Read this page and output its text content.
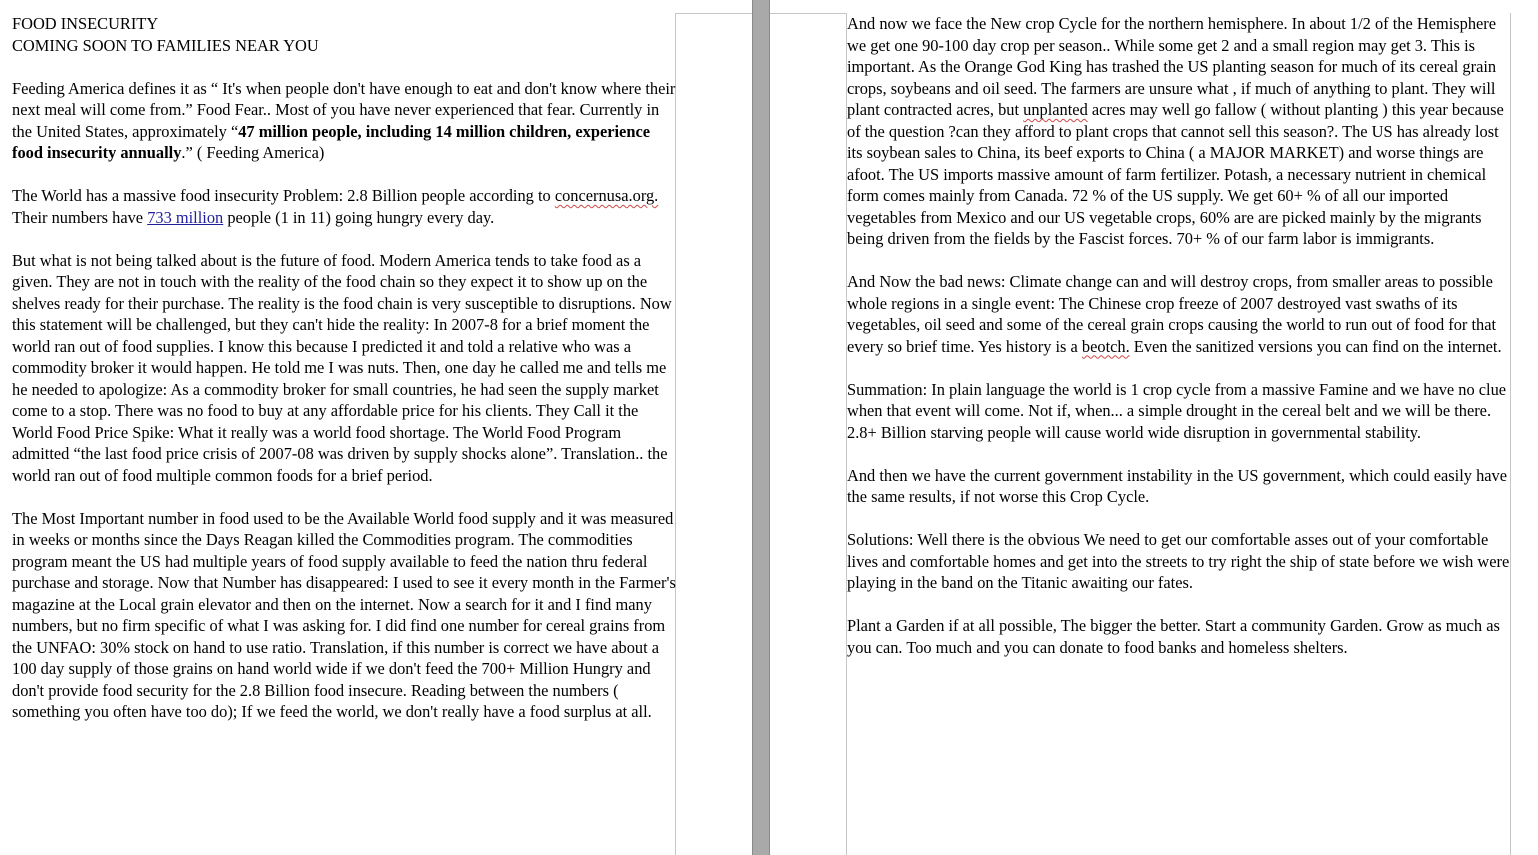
FOOD INSECURITY
COMING SOON TO FAMILIES NEAR YOU

Feeding America defines it as “ It's when people don't have enough to eat and don't know where their next meal will come from.” Food Fear.. Most of you have never experienced that fear. Currently in the United States, approximately “47 million people, including 14 million children, experience food insecurity annually.” ( Feeding America)

The World has a massive food insecurity Problem: 2.8 Billion people according to concernusa.org. Their numbers have 733 million people (1 in 11) going hungry every day.

But what is not being talked about is the future of food. Modern America tends to take food as a given. They are not in touch with the reality of the food chain so they expect it to show up on the shelves ready for their purchase. The reality is the food chain is very susceptible to disruptions. Now this statement will be challenged, but they can't hide the reality: In 2007-8 for a brief moment the world ran out of food supplies. I know this because I predicted it and told a relative who was a commodity broker it would happen. He told me I was nuts. Then, one day he called me and tells me he needed to apologize: As a commodity broker for small countries, he had seen the supply market come to a stop. There was no food to buy at any affordable price for his clients. They Call it the World Food Price Spike: What it really was a world food shortage. The World Food Program admitted “the last food price crisis of 2007-08 was driven by supply shocks alone”. Translation.. the world ran out of food multiple common foods for a brief period.

The Most Important number in food used to be the Available World food supply and it was measured in weeks or months since the Days Reagan killed the Commodities program. The commodities program meant the US had multiple years of food supply available to feed the nation thru federal purchase and storage. Now that Number has disappeared: I used to see it every month in the Farmer's magazine at the Local grain elevator and then on the internet. Now a search for it and I find many numbers, but no firm specific of what I was asking for. I did find one number for cereal grains from the UNFAO: 30% stock on hand to use ratio. Translation, if this number is correct we have about a 100 day supply of those grains on hand world wide if we don't feed the 700+ Million Hungry and don't provide food security for the 2.8 Billion food insecure. Reading between the numbers ( something you often have too do); If we feed the world, we don't really have a food surplus at all.

And now we face the New crop Cycle for the northern hemisphere. In about 1/2 of the Hemisphere we get one 90-100 day crop per season.. While some get 2 and a small region may get 3. This is important. As the Orange God King has trashed the US planting season for much of its cereal grain crops, soybeans and oil seed. The farmers are unsure what , if much of anything to plant. They will plant contracted acres, but unplanted acres may well go fallow ( without planting ) this year because of the question ?can they afford to plant crops that cannot sell this season?. The US has already lost its soybean sales to China, its beef exports to China ( a MAJOR MARKET) and worse things are afoot. The US imports massive amount of farm fertilizer. Potash, a necessary nutrient in chemical form comes mainly from Canada. 72 % of the US supply. We get 60+ % of all our imported vegetables from Mexico and our US vegetable crops, 60% are are picked mainly by the migrants being driven from the fields by the Fascist forces. 70+ % of our farm labor is immigrants.

And Now the bad news: Climate change can and will destroy crops, from smaller areas to possible whole regions in a single event: The Chinese crop freeze of 2007 destroyed vast swaths of its vegetables, oil seed and some of the cereal grain crops causing the world to run out of food for that every so brief time. Yes history is a beotch. Even the sanitized versions you can find on the internet.

Summation: In plain language the world is 1 crop cycle from a massive Famine and we have no clue when that event will come. Not if, when... a simple drought in the cereal belt and we will be there. 2.8+ Billion starving people will cause world wide disruption in governmental stability.

And then we have the current government instability in the US government, which could easily have the same results, if not worse this Crop Cycle.

Solutions: Well there is the obvious We need to get our comfortable asses out of your comfortable lives and comfortable homes and get into the streets to try right the ship of state before we wish were playing in the band on the Titanic awaiting our fates.

Plant a Garden if at all possible, The bigger the better. Start a community Garden. Grow as much as you can. Too much and you can donate to food banks and homeless shelters.
